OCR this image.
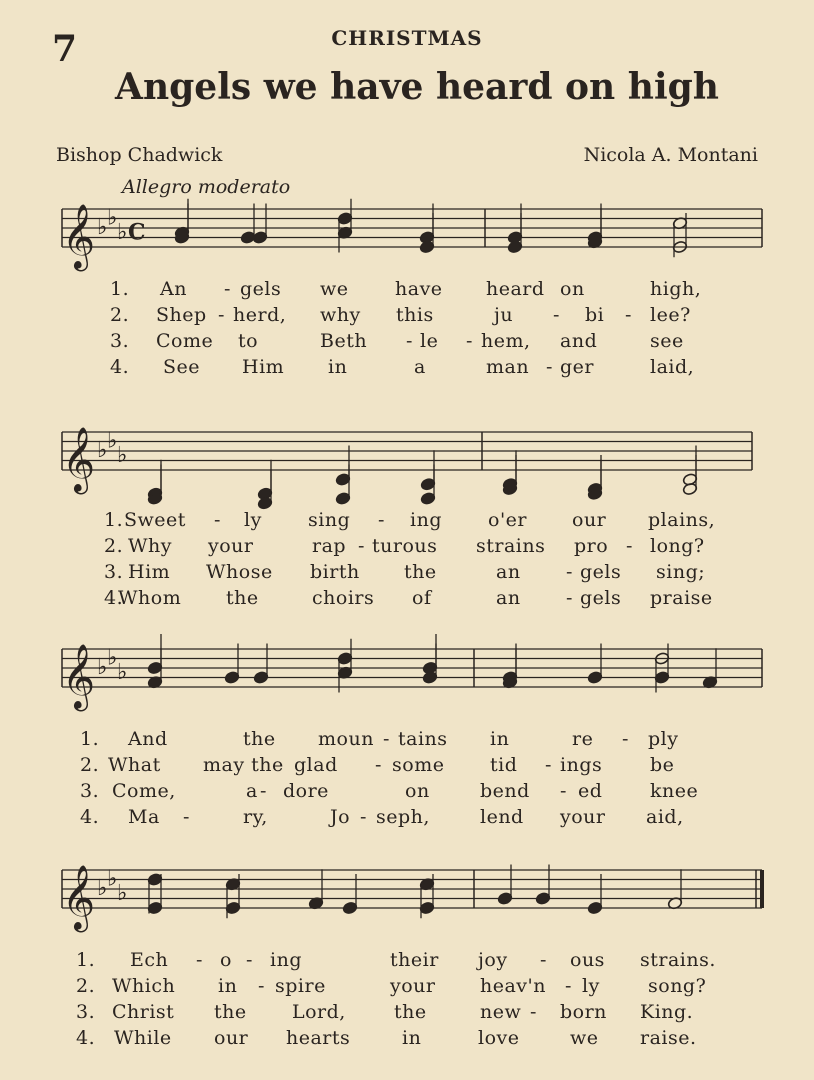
7	CHRISTMAS
Angels we have heard on high
Bishop Chadwick	Nicola A. Montani
Allegro moderato
𝄞 ♭ ♭
♭ C
𝄞 ♭ ♭
♭
𝄞 ♭ ♭
♭
𝄞 ♭ ♭
♭
1. An - gels we have heard on	high,
2. Shep - herd, why this	ju - bi - lee?
3. Come to	Beth - le - hem, and	see
4. See Him in	a	man - ger	laid,
1. Sweet - ly sing - ing o'er our plains,
2. Why your	rap - turous strains pro - long?
3. Him Whose birth the	an - gels sing;
4.
Whom the	choirs of	an - gels praise
1. And	the moun - tains in	re - ply
2. What may the glad - some tid - ings	be
3. Come,	a - dore	on	bend - ed	knee
4. Ma -	ry,	Jo - seph,	lend your aid,
1. Ech - o - ing	their joy - ous strains.
2. Which in - spire	your heav'n - ly	song?
3. Christ the Lord,	the	new - born King.
4. While our hearts	in	love	we raise.
